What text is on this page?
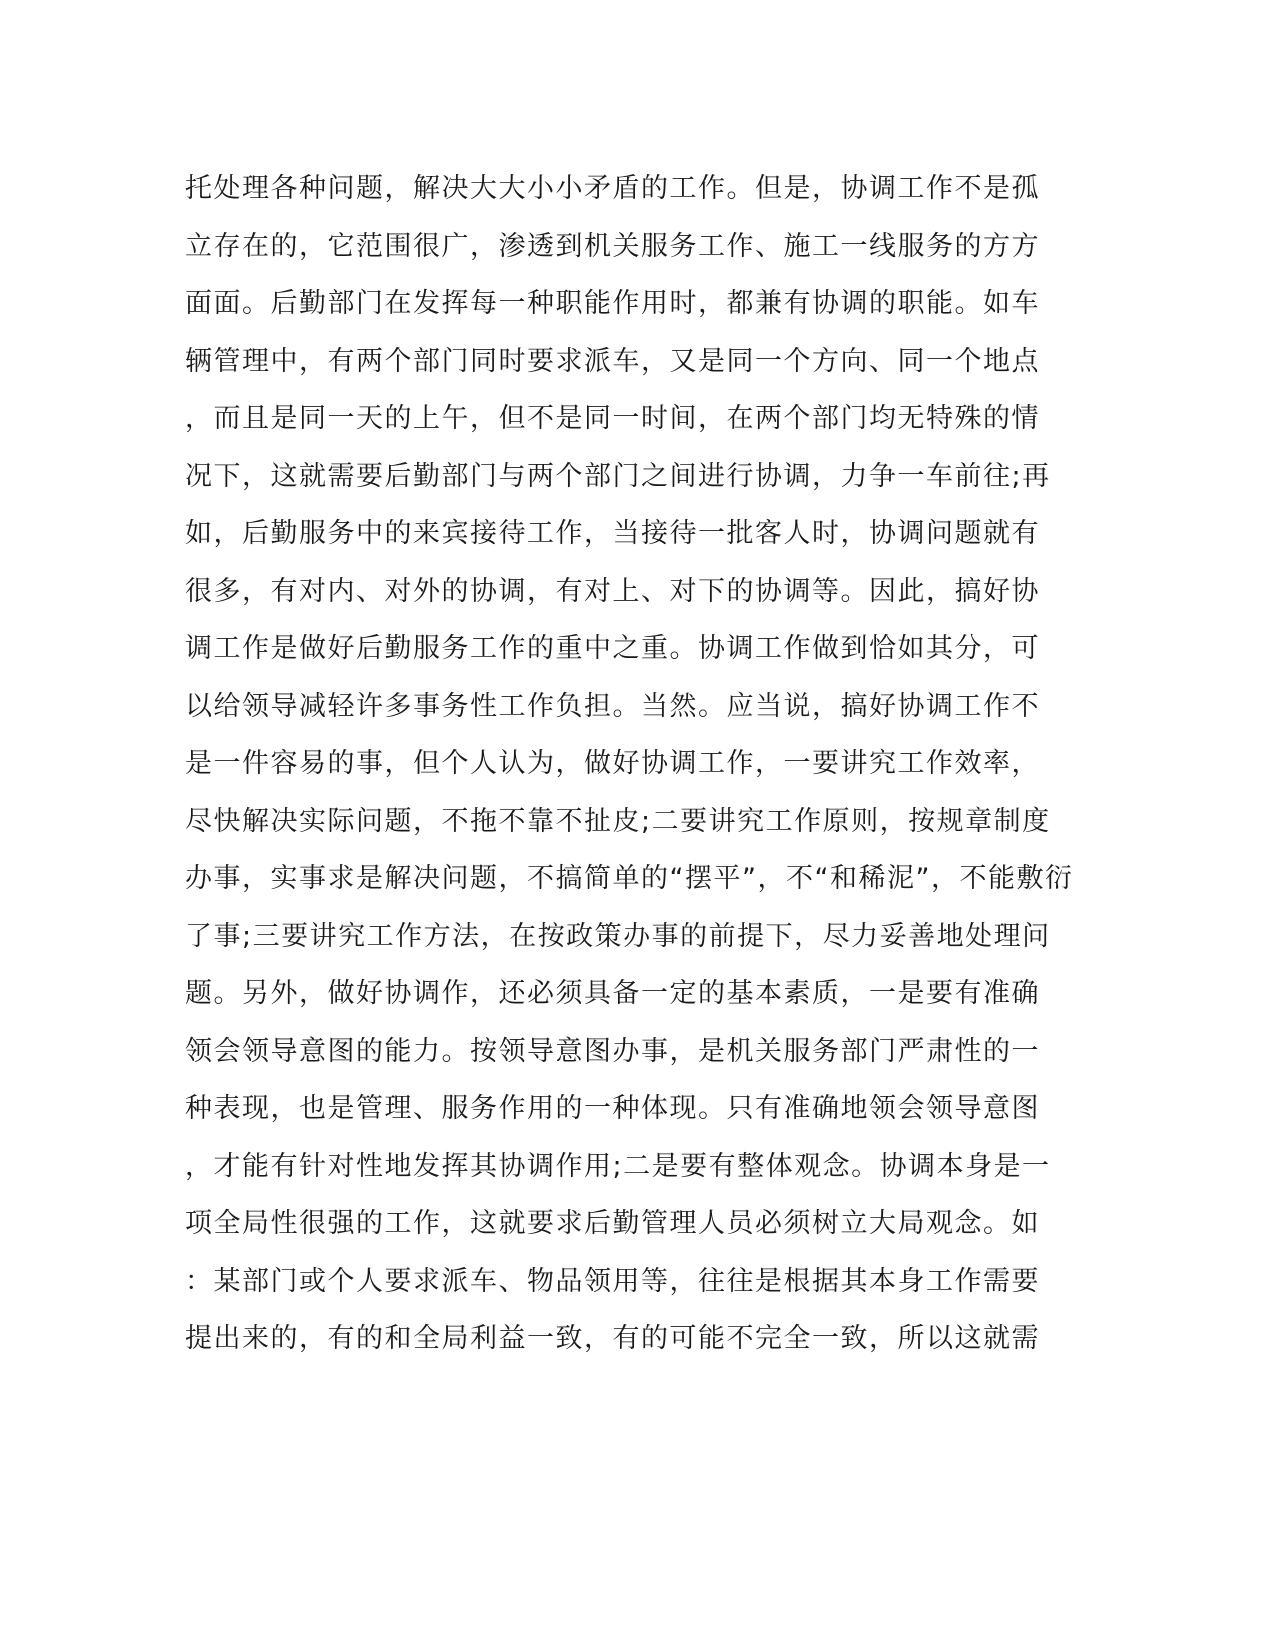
托处理各种问题，解决大大小小矛盾的工作。但是，协调工作不是孤
立存在的，它范围很广，渗透到机关服务工作、施工一线服务的方方
面面。后勤部门在发挥每一种职能作用时，都兼有协调的职能。如车
辆管理中，有两个部门同时要求派车，又是同一个方向、同一个地点
，而且是同一天的上午，但不是同一时间，在两个部门均无特殊的情
况下，这就需要后勤部门与两个部门之间进行协调，力争一车前往;再
如，后勤服务中的来宾接待工作，当接待一批客人时，协调问题就有
很多，有对内、对外的协调，有对上、对下的协调等。因此，搞好协
调工作是做好后勤服务工作的重中之重。协调工作做到恰如其分，可
以给领导减轻许多事务性工作负担。当然。应当说，搞好协调工作不
是一件容易的事，但个人认为，做好协调工作，一要讲究工作效率，
尽快解决实际问题，不拖不靠不扯皮;二要讲究工作原则，按规章制度
办事，实事求是解决问题，不搞简单的“摆平”，不“和稀泥”，不能敷衍
了事;三要讲究工作方法，在按政策办事的前提下，尽力妥善地处理问
题。另外，做好协调作，还必须具备一定的基本素质，一是要有准确
领会领导意图的能力。按领导意图办事，是机关服务部门严肃性的一
种表现，也是管理、服务作用的一种体现。只有准确地领会领导意图
，才能有针对性地发挥其协调作用;二是要有整体观念。协调本身是一
项全局性很强的工作，这就要求后勤管理人员必须树立大局观念。如
：某部门或个人要求派车、物品领用等，往往是根据其本身工作需要
提出来的，有的和全局利益一致，有的可能不完全一致，所以这就需
